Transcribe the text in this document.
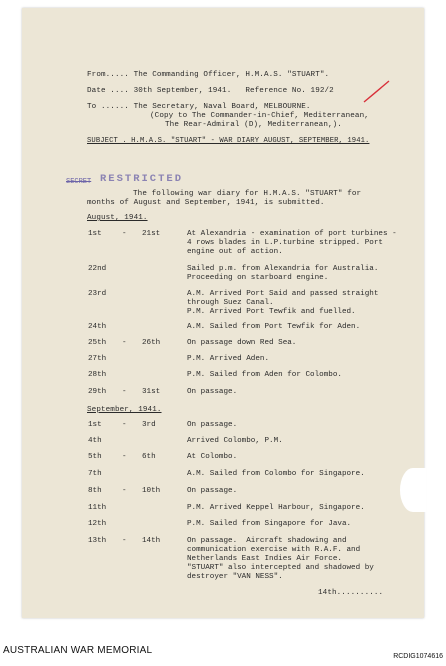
From..... The Commanding Officer, H.M.A.S. "STUART".
Date .... 30th September, 1941.   Reference No. 192/2
To ...... The Secretary, Naval Board, MELBOURNE.
(Copy to The Commander-in-Chief, Mediterranean,
The Rear-Admiral (D), Mediterranean,).
SUBJECT . H.M.A.S. "STUART" - WAR DIARY AUGUST, SEPTEMBER, 1941.
SECRET RESTRICTED
The following war diary for H.M.A.S. "STUART" for
months of August and September, 1941, is submitted.
August, 1941.
1st	- 21st	At Alexandria - examination of port turbines -
4 rows blades in L.P.turbine stripped. Port
engine out of action.
22nd	Sailed p.m. from Alexandria for Australia.
Proceeding on starboard engine.
23rd	A.M. Arrived Port Said and passed straight
through Suez Canal.
P.M. Arrived Port Tewfik and fuelled.
24th	A.M. Sailed from Port Tewfik for Aden.
25th - 26th	On passage down Red Sea.
27th	P.M. Arrived Aden.
28th	P.M. Sailed from Aden for Colombo.
29th - 31st	On passage.
September, 1941.
1st	- 3rd	On passage.
4th	Arrived Colombo, P.M.
5th	- 6th	At Colombo.
7th	A.M. Sailed from Colombo for Singapore.
8th	- 10th	On passage.
11th	P.M. Arrived Keppel Harbour, Singapore.
12th	P.M. Sailed from Singapore for Java.
13th - 14th	On passage.  Aircraft shadowing and
communication exercise with R.A.F. and
Netherlands East Indies Air Force.
"STUART" also intercepted and shadowed by
destroyer "VAN NESS".
14th..........
AUSTRALIAN WAR MEMORIAL
RCDIG1074616
